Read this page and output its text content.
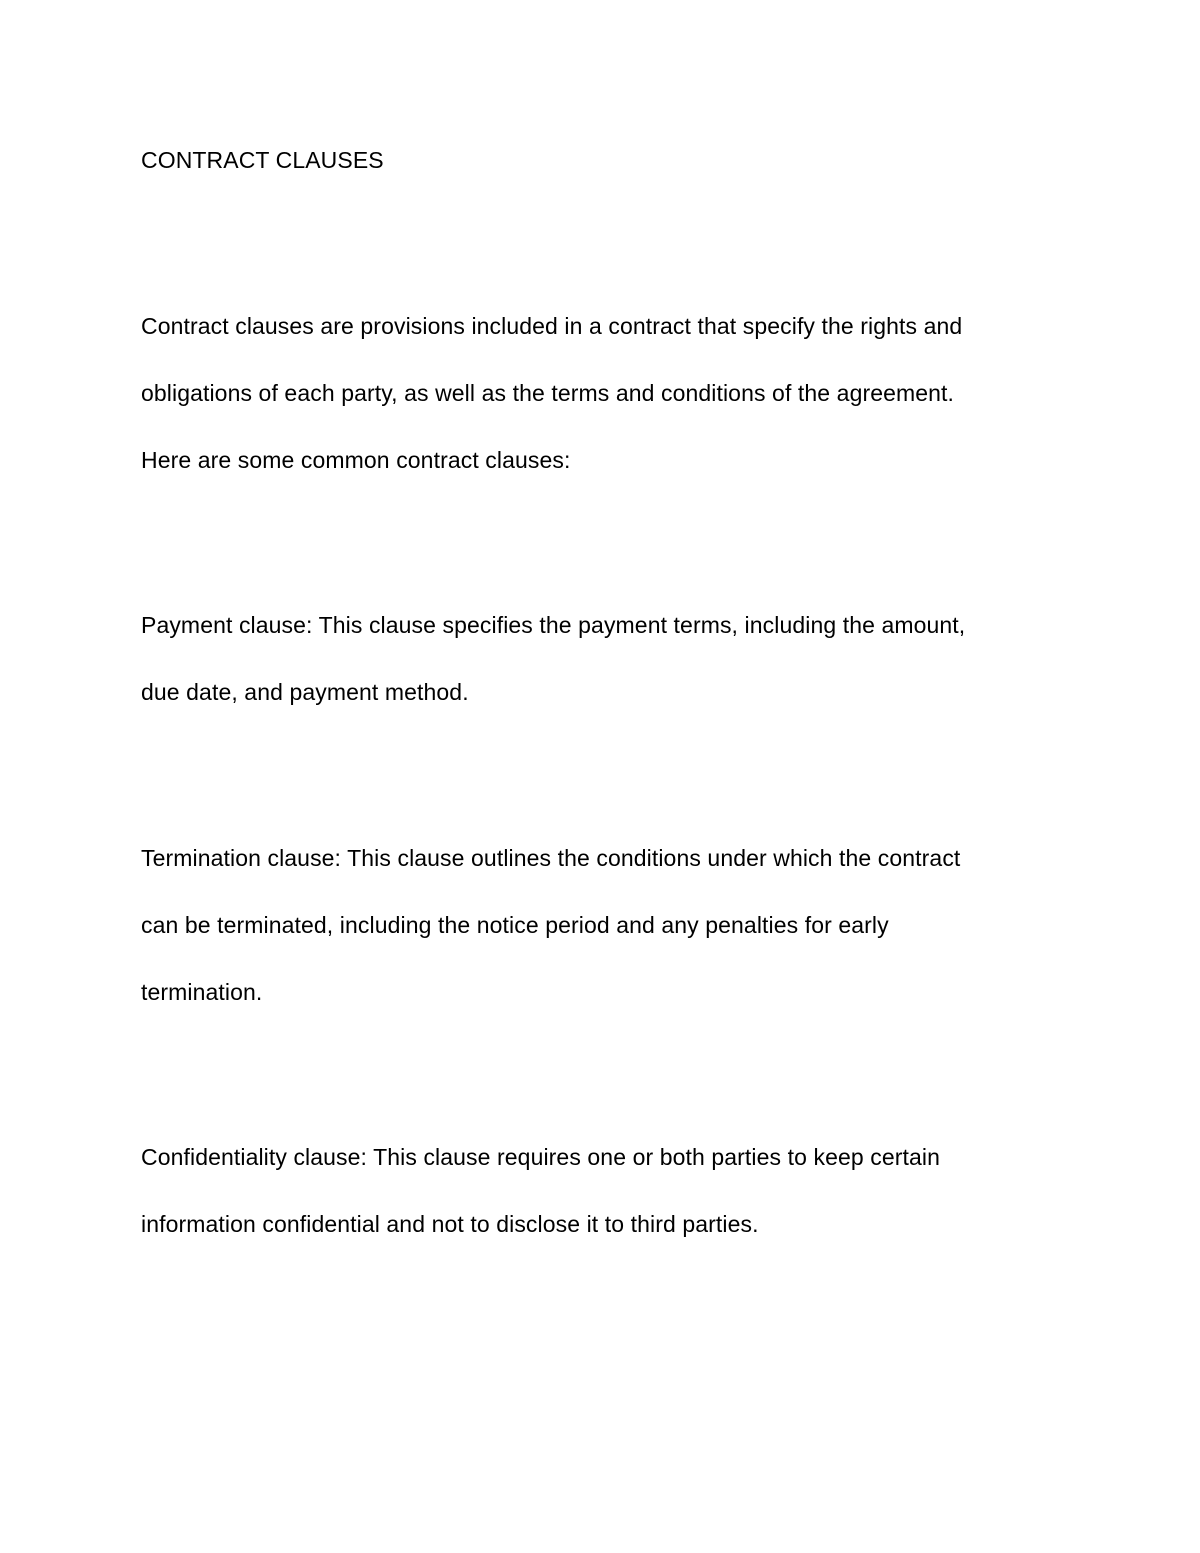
CONTRACT CLAUSES
Contract clauses are provisions included in a contract that specify the rights and
obligations of each party, as well as the terms and conditions of the agreement.
Here are some common contract clauses:
Payment clause: This clause specifies the payment terms, including the amount,
due date, and payment method.
Termination clause: This clause outlines the conditions under which the contract
can be terminated, including the notice period and any penalties for early
termination.
Confidentiality clause: This clause requires one or both parties to keep certain
information confidential and not to disclose it to third parties.
